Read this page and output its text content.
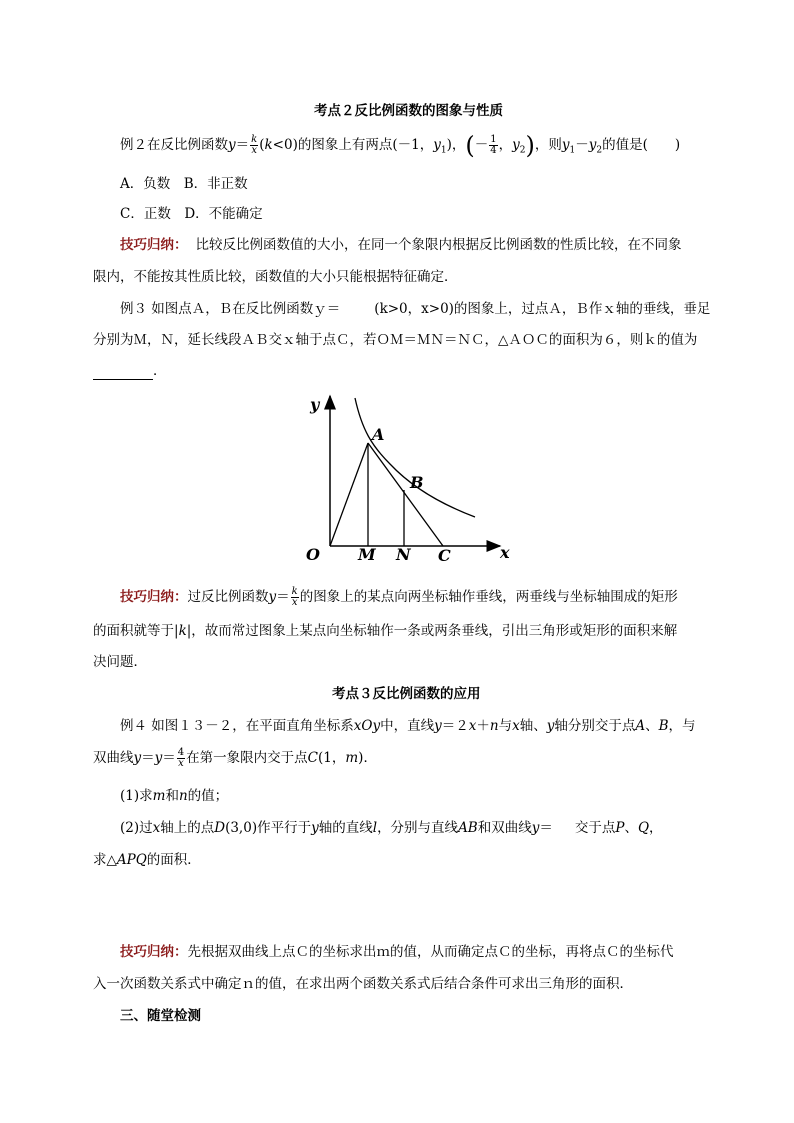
考点２反比例函数的图象与性质
例２在反比例函数$y= \frac{k}{x} (k<0)$的图象上有两点(－1，$y_1$)，(－ $\frac{1}{4}$ ，$y_2$)，则$y_1-y_2$的值是(　　)
A．负数　B．非正数
C．正数　D．不能确定
技巧归纳： 比较反比例函数值的大小，在同一个象限内根据反比例函数的性质比较，在不同象
限内，不能按其性质比较，函数值的大小只能根据特征确定．
例３ 如图点Ａ，Ｂ在反比例函数ｙ＝	(k>0，x>0)的图象上，过点Ａ，Ｂ作ｘ轴的垂线，垂足
分别为Ｍ，Ｎ，延长线段ＡＢ交ｘ轴于点Ｃ，若ＯＭ＝ＭＮ＝ＮＣ，△ＡＯＣ的面积为６，则ｋ的值为
．
y
x
O M N C
A
B
技巧归纳：过反比例函数$y= \frac{k}{x}$ 的图象上的某点向两坐标轴作垂线，两垂线与坐标轴围成的矩形
的面积就等于|k|，故而常过图象上某点向坐标轴作一条或两条垂线，引出三角形或矩形的面积来解
决问题．
考点３反比例函数的应用
例４ 如图１３－２，在平面直角坐标系xOy中，直线y＝２x＋n与x轴、y轴分别交于点A、B，与
双曲线$y=y= \frac{4}{x}$ 在第一象限内交于点C(1，m)．
(1)求m和n的值；
(2)过x轴上的点D(3,0)作平行于y轴的直线l，分别与直线AB和双曲线y＝ 交于点P、Q，
求△APQ的面积．
技巧归纳：先根据双曲线上点Ｃ的坐标求出ｍ的值，从而确定点Ｃ的坐标，再将点Ｃ的坐标代
入一次函数关系式中确定ｎ的值，在求出两个函数关系式后结合条件可求出三角形的面积．
三、随堂检测
